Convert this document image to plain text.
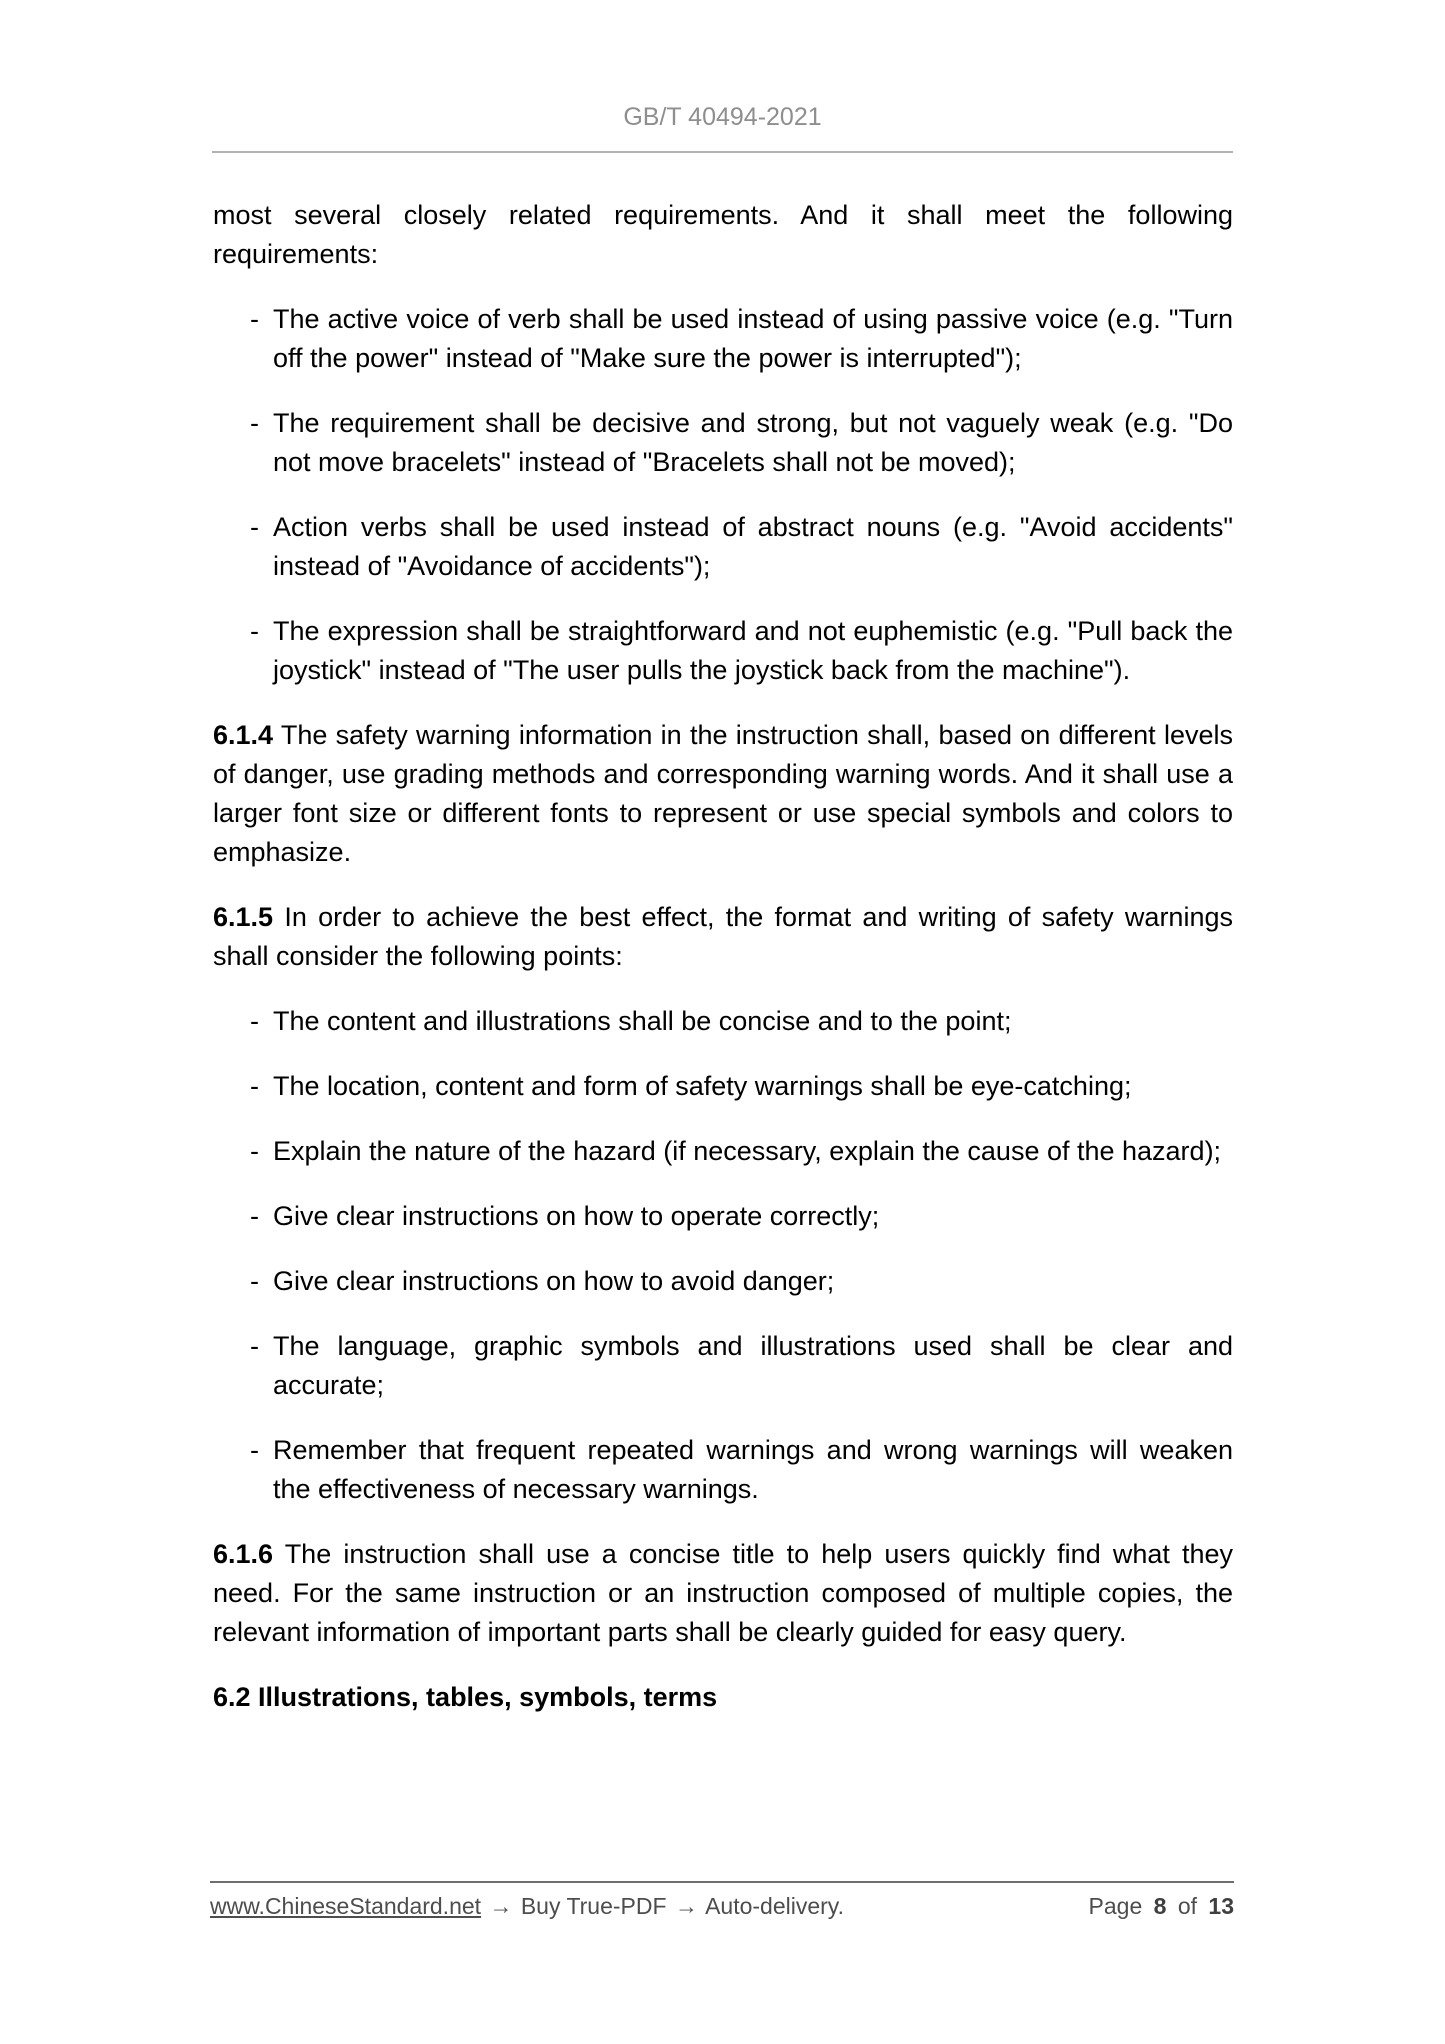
GB/T 40494-2021

most several closely related requirements. And it shall meet the following requirements:

- The active voice of verb shall be used instead of using passive voice (e.g. "Turn off the power" instead of "Make sure the power is interrupted");
- The requirement shall be decisive and strong, but not vaguely weak (e.g. "Do not move bracelets" instead of "Bracelets shall not be moved);
- Action verbs shall be used instead of abstract nouns (e.g. "Avoid accidents" instead of "Avoidance of accidents");
- The expression shall be straightforward and not euphemistic (e.g. "Pull back the joystick" instead of "The user pulls the joystick back from the machine").

6.1.4 The safety warning information in the instruction shall, based on different levels of danger, use grading methods and corresponding warning words. And it shall use a larger font size or different fonts to represent or use special symbols and colors to emphasize.

6.1.5 In order to achieve the best effect, the format and writing of safety warnings shall consider the following points:

- The content and illustrations shall be concise and to the point;
- The location, content and form of safety warnings shall be eye-catching;
- Explain the nature of the hazard (if necessary, explain the cause of the hazard);
- Give clear instructions on how to operate correctly;
- Give clear instructions on how to avoid danger;
- The language, graphic symbols and illustrations used shall be clear and accurate;
- Remember that frequent repeated warnings and wrong warnings will weaken the effectiveness of necessary warnings.

6.1.6 The instruction shall use a concise title to help users quickly find what they need. For the same instruction or an instruction composed of multiple copies, the relevant information of important parts shall be clearly guided for easy query.

6.2 Illustrations, tables, symbols, terms

www.ChineseStandard.net → Buy True-PDF → Auto-delivery.	Page 8 of 13
